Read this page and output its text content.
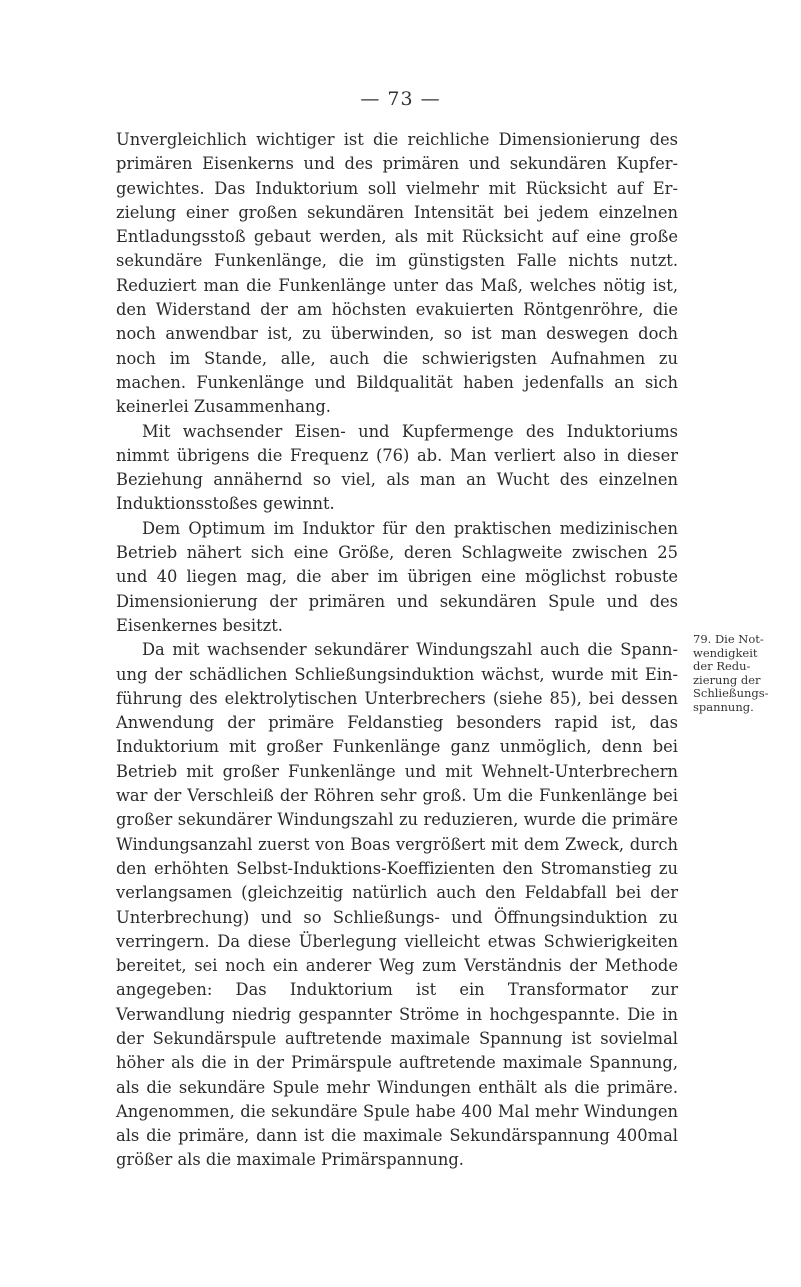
— 73 —

Unvergleichlich wichtiger ist die reichliche Dimensionierung des primären Eisenkerns und des primären und sekundären Kupfergewichtes. Das Induktorium soll vielmehr mit Rücksicht auf Erzielung einer großen sekundären Intensität bei jedem einzelnen Entladungsstoß gebaut werden, als mit Rücksicht auf eine große sekundäre Funkenlänge, die im günstigsten Falle nichts nutzt. Reduziert man die Funkenlänge unter das Maß, welches nötig ist, den Widerstand der am höchsten evakuierten Röntgenröhre, die noch anwendbar ist, zu überwinden, so ist man deswegen doch noch im Stande, alle, auch die schwierigsten Aufnahmen zu machen. Funkenlänge und Bildqualität haben jedenfalls an sich keinerlei Zusammenhang.

Mit wachsender Eisen- und Kupfermenge des Induktoriums nimmt übrigens die Frequenz (76) ab. Man verliert also in dieser Beziehung annähernd so viel, als man an Wucht des einzelnen Induktionsstoßes gewinnt.

Dem Optimum im Induktor für den praktischen medizinischen Betrieb nähert sich eine Größe, deren Schlagweite zwischen 25 und 40 liegen mag, die aber im übrigen eine möglichst robuste Dimensionierung der primären und sekundären Spule und des Eisenkernes besitzt.

Da mit wachsender sekundärer Windungszahl auch die Spannung der schädlichen Schließungsinduktion wächst, wurde mit Einführung des elektrolytischen Unterbrechers (siehe 85), bei dessen Anwendung der primäre Feldanstieg besonders rapid ist, das Induktorium mit großer Funkenlänge ganz unmöglich, denn bei Betrieb mit großer Funkenlänge und mit Wehnelt-Unterbrechern war der Verschleiß der Röhren sehr groß. Um die Funkenlänge bei großer sekundärer Windungszahl zu reduzieren, wurde die primäre Windungsanzahl zuerst von Boas vergrößert mit dem Zweck, durch den erhöhten Selbst-Induktions-Koeffizienten den Stromanstieg zu verlangsamen (gleichzeitig natürlich auch den Feldabfall bei der Unterbrechung) und so Schließungs- und Öffnungsinduktion zu verringern. Da diese Überlegung vielleicht etwas Schwierigkeiten bereitet, sei noch ein anderer Weg zum Verständnis der Methode angegeben: Das Induktorium ist ein Transformator zur Verwandlung niedrig gespannter Ströme in hochgespannte. Die in der Sekundärspule auftretende maximale Spannung ist sovielmal höher als die in der Primärspule auftretende maximale Spannung, als die sekundäre Spule mehr Windungen enthält als die primäre. Angenommen, die sekundäre Spule habe 400 Mal mehr Windungen als die primäre, dann ist die maximale Sekundärspannung 400mal größer als die maximale Primärspannung.

79. Die Not-
wendigkeit
der Redu-
zierung der
Schließungs-
spannung.
